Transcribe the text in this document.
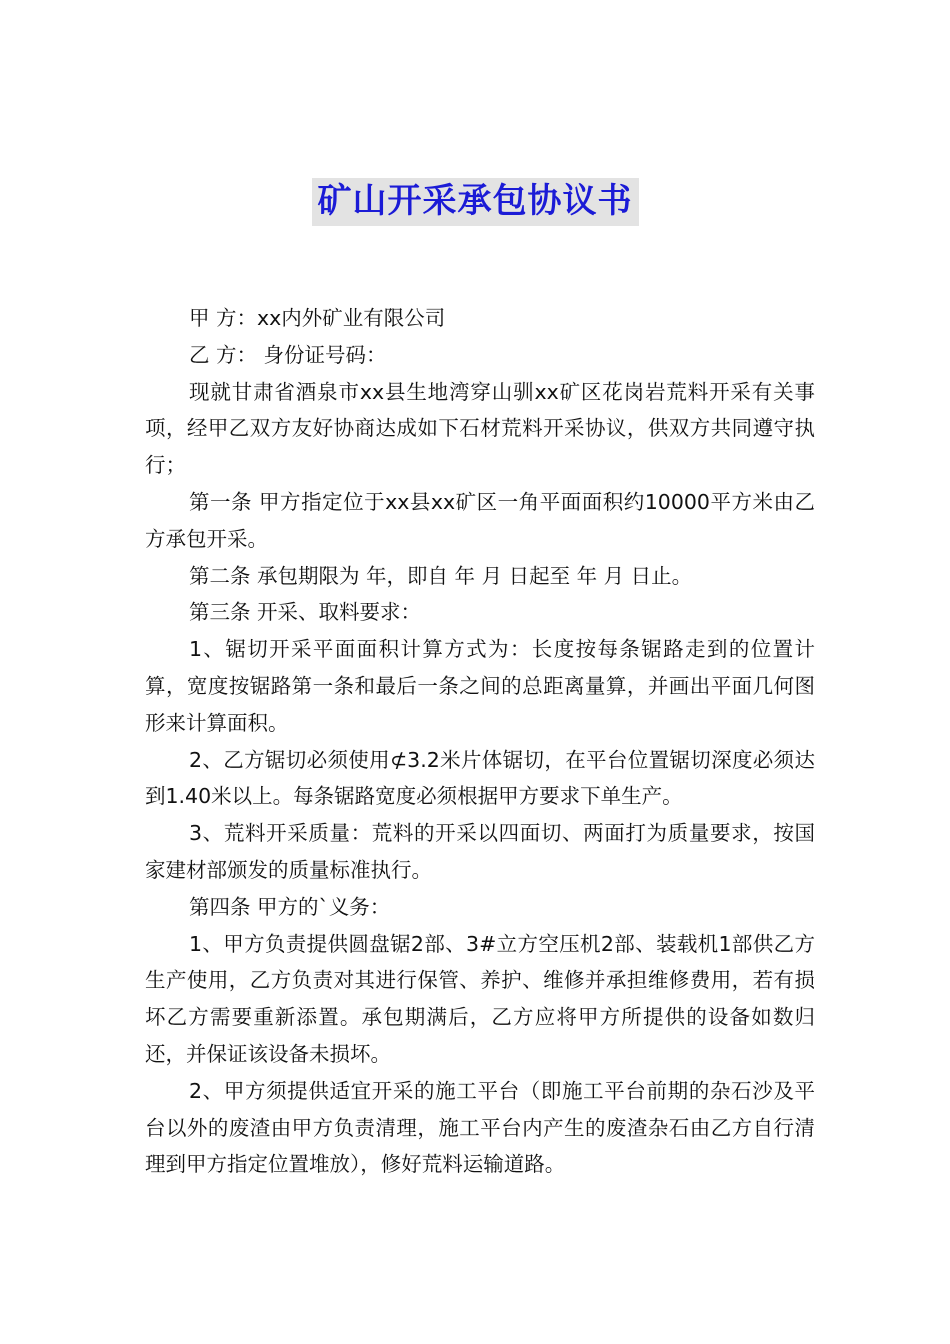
矿山开采承包协议书

甲 方：xx内外矿业有限公司

乙 方： 身份证号码：

现就甘肃省酒泉市xx县生地湾穿山驯xx矿区花岗岩荒料开采有关事项，经甲乙双方友好协商达成如下石材荒料开采协议，供双方共同遵守执行；

第一条 甲方指定位于xx县xx矿区一角平面面积约10000平方米由乙方承包开采。

第二条 承包期限为 年，即自 年 月 日起至 年 月 日止。

第三条 开采、取料要求：

1、锯切开采平面面积计算方式为：长度按每条锯路走到的位置计算，宽度按锯路第一条和最后一条之间的总距离量算，并画出平面几何图形来计算面积。

2、乙方锯切必须使用⊄3.2米片体锯切，在平台位置锯切深度必须达到1.40米以上。每条锯路宽度必须根据甲方要求下单生产。

3、荒料开采质量：荒料的开采以四面切、两面打为质量要求，按国家建材部颁发的质量标准执行。

第四条 甲方的`义务：

1、甲方负责提供圆盘锯2部、3#立方空压机2部、装载机1部供乙方生产使用，乙方负责对其进行保管、养护、维修并承担维修费用，若有损坏乙方需要重新添置。承包期满后，乙方应将甲方所提供的设备如数归还，并保证该设备未损坏。

2、甲方须提供适宜开采的施工平台（即施工平台前期的杂石沙及平台以外的废渣由甲方负责清理，施工平台内产生的废渣杂石由乙方自行清理到甲方指定位置堆放），修好荒料运输道路。
